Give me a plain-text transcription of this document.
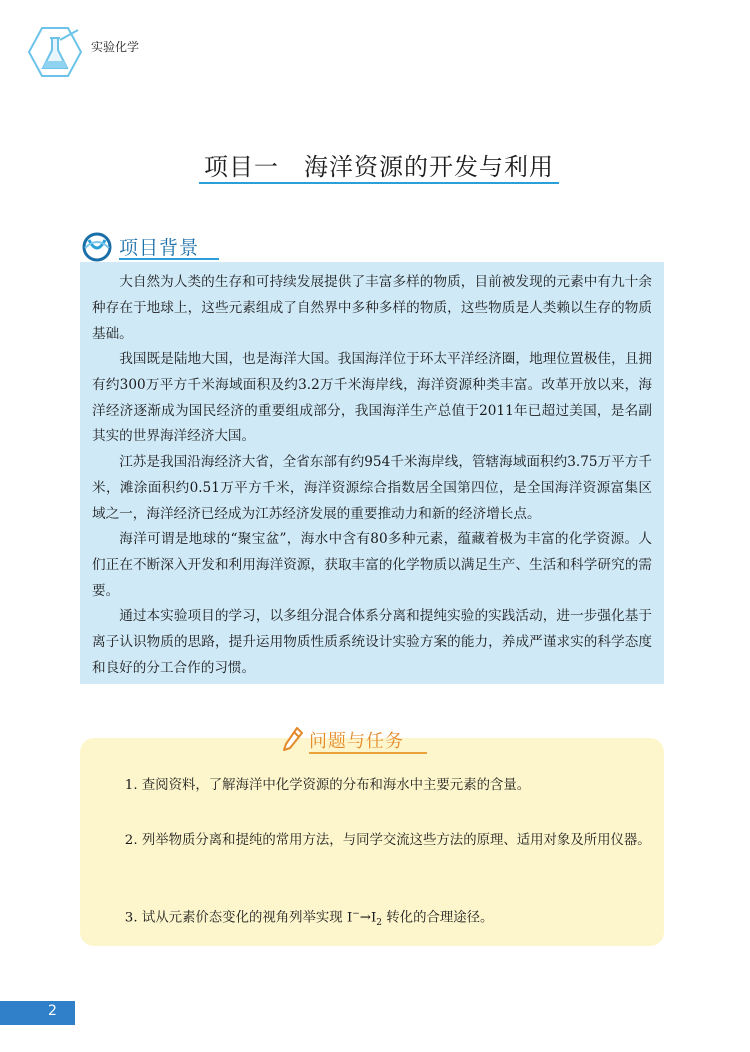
实验化学
项目一　海洋资源的开发与利用
项目背景

大自然为人类的生存和可持续发展提供了丰富多样的物质，目前被发现的元素中有九十余种存在于地球上，这些元素组成了自然界中多种多样的物质，这些物质是人类赖以生存的物质基础。

我国既是陆地大国，也是海洋大国。我国海洋位于环太平洋经济圈，地理位置极佳，且拥有约300万平方千米海域面积及约3.2万千米海岸线，海洋资源种类丰富。改革开放以来，海洋经济逐渐成为国民经济的重要组成部分，我国海洋生产总值于2011年已超过美国，是名副其实的世界海洋经济大国。

江苏是我国沿海经济大省，全省东部有约954千米海岸线，管辖海域面积约3.75万平方千米，滩涂面积约0.51万平方千米，海洋资源综合指数居全国第四位，是全国海洋资源富集区域之一，海洋经济已经成为江苏经济发展的重要推动力和新的经济增长点。

海洋可谓是地球的“聚宝盆”，海水中含有80多种元素，蕴藏着极为丰富的化学资源。人们正在不断深入开发和利用海洋资源，获取丰富的化学物质以满足生产、生活和科学研究的需要。

通过本实验项目的学习，以多组分混合体系分离和提纯实验的实践活动，进一步强化基于离子认识物质的思路，提升运用物质性质系统设计实验方案的能力，养成严谨求实的科学态度和良好的分工合作的习惯。

问题与任务
1. 查阅资料，了解海洋中化学资源的分布和海水中主要元素的含量。
2. 列举物质分离和提纯的常用方法，与同学交流这些方法的原理、适用对象及所用仪器。
3. 试从元素价态变化的视角列举实现 $I^-\to I_2$ 转化的合理途径。
2
